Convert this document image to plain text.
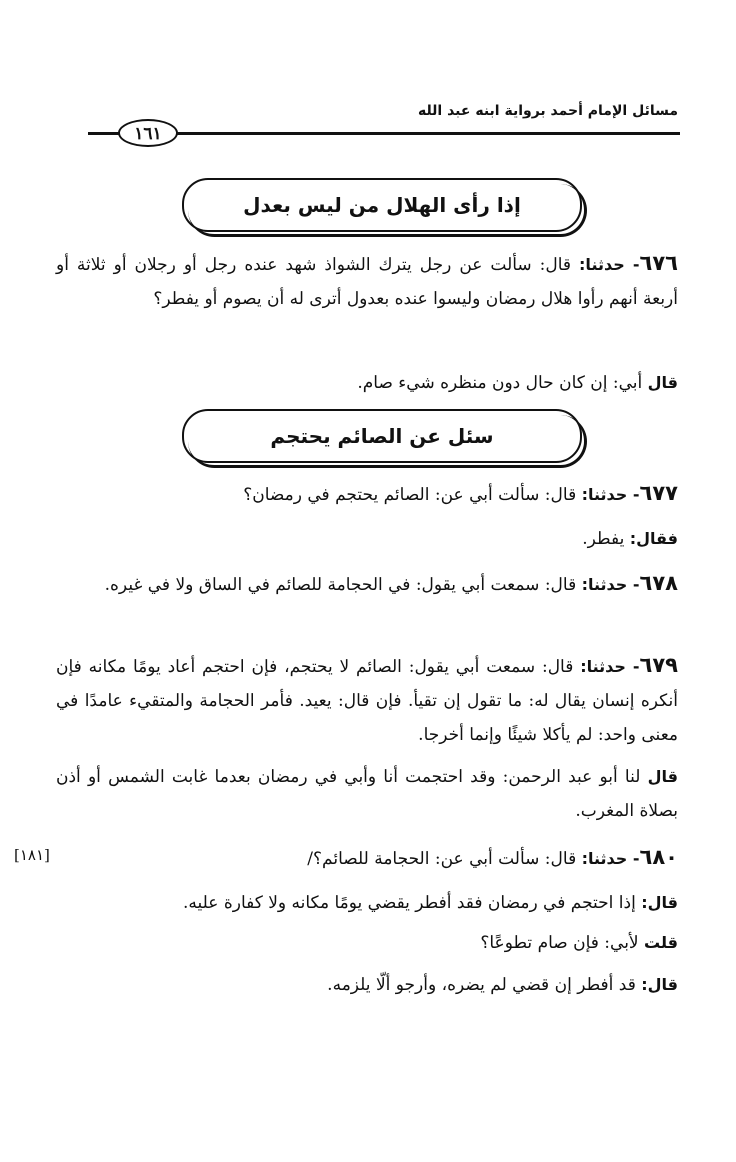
مسائل الإمام أحمد برواية ابنه عبد الله
١٦١
إذا رأى الهلال من ليس بعدل
٦٧٦- حدثنا: قال: سألت عن رجل يترك الشواذ شهد عنده رجل أو رجلان أو ثلاثة أو أربعة أنهم رأوا هلال رمضان وليسوا عنده بعدول أترى له أن يصوم أو يفطر؟
قال أبي: إن كان حال دون منظره شيء صام.
سئل عن الصائم يحتجم
٦٧٧- حدثنا: قال: سألت أبي عن: الصائم يحتجم في رمضان؟
فقال: يفطر.
٦٧٨- حدثنا: قال: سمعت أبي يقول: في الحجامة للصائم في الساق ولا في غيره.
٦٧٩- حدثنا: قال: سمعت أبي يقول: الصائم لا يحتجم، فإن احتجم أعاد يومًا مكانه فإن أنكره إنسان يقال له: ما تقول إن تقيأ. فإن قال: يعيد. فأمر الحجامة والمتقيء عامدًا في معنى واحد: لم يأكلا شيئًا وإنما أخرجا.
قال لنا أبو عبد الرحمن: وقد احتجمت أنا وأبي في رمضان بعدما غابت الشمس أو أذن بصلاة المغرب.
٦٨٠- حدثنا: قال: سألت أبي عن: الحجامة للصائم؟/
[١٨١]
قال: إذا احتجم في رمضان فقد أفطر يقضي يومًا مكانه ولا كفارة عليه.
قلت لأبي: فإن صام تطوعًا؟
قال: قد أفطر إن قضي لم يضره، وأرجو ألّا يلزمه.
